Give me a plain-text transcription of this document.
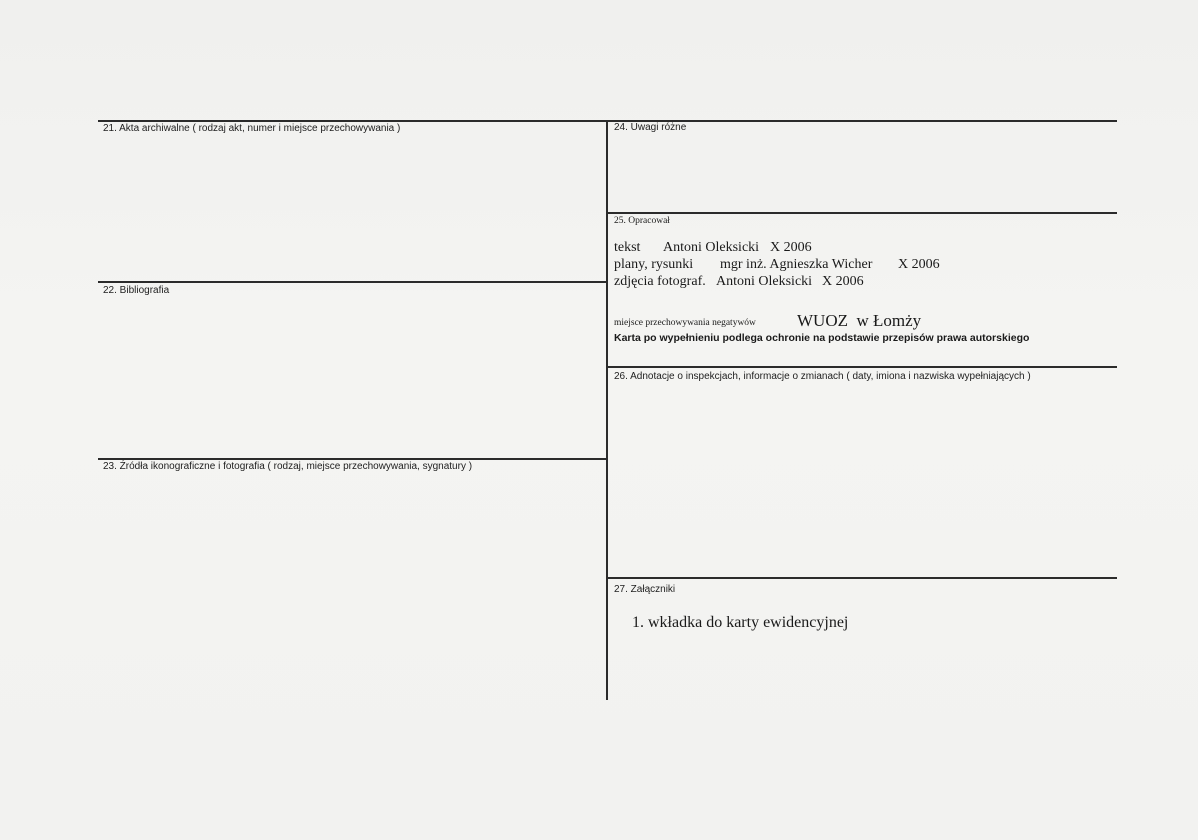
21. Akta archiwalne ( rodzaj akt, numer i miejsce przechowywania )
22. Bibliografia
23. Źródła ikonograficzne i fotografia ( rodzaj, miejsce przechowywania, sygnatury )
24. Uwagi różne
25. Opracował
tekst Antoni Oleksicki X 2006
plany, rysunki mgr inż. Agnieszka Wicher X 2006
zdjęcia fotograf. Antoni Oleksicki X 2006
miejsce przechowywania negatywów WUOZ  w Łomży
Karta po wypełnieniu podlega ochronie na podstawie przepisów prawa autorskiego
26. Adnotacje o inspekcjach, informacje o zmianach ( daty, imiona i nazwiska wypełniających )
27. Załączniki
1. wkładka do karty ewidencyjnej
